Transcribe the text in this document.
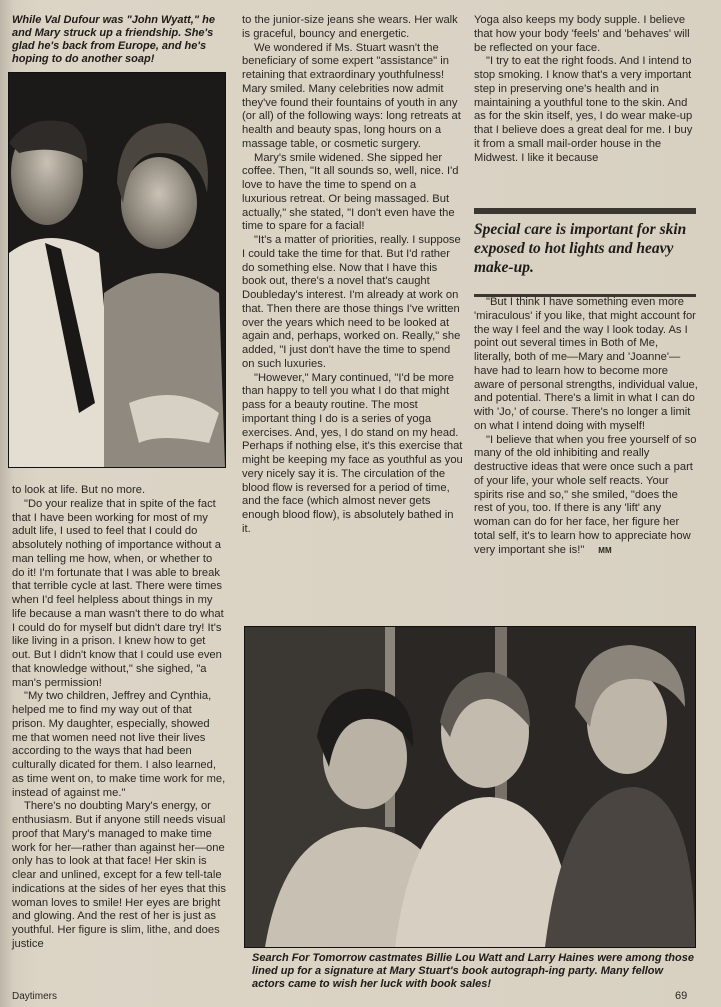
While Val Dufour was "John Wyatt," he and Mary struck up a friendship. She's glad he's back from Europe, and he's hoping to do another soap!

to look at life. But no more.

"Do your realize that in spite of the fact that I have been working for most of my adult life, I used to feel that I could do absolutely nothing of importance without a man telling me how, when, or whether to do it! I'm fortunate that I was able to break that terrible cycle at last. There were times when I'd feel helpless about things in my life because a man wasn't there to do what I could do for myself but didn't dare try! It's like living in a prison. I knew how to get out. But I didn't know that I could use even that knowledge without," she sighed, "a man's permission!

"My two children, Jeffrey and Cynthia, helped me to find my way out of that prison. My daughter, especially, showed me that women need not live their lives according to the ways that had been culturally dicated for them. I also learned, as time went on, to make time work for me, instead of against me."

There's no doubting Mary's energy, or enthusiasm. But if anyone still needs visual proof that Mary's managed to make time work for her—rather than against her—one only has to look at that face! Her skin is clear and unlined, except for a few tell-tale indications at the sides of her eyes that this woman loves to smile! Her eyes are bright and glowing. And the rest of her is just as youthful. Her figure is slim, lithe, and does justice

to the junior-size jeans she wears. Her walk is graceful, bouncy and energetic.

We wondered if Ms. Stuart wasn't the beneficiary of some expert "assistance" in retaining that extraordinary youthfulness! Mary smiled. Many celebrities now admit they've found their fountains of youth in any (or all) of the following ways: long retreats at health and beauty spas, long hours on a massage table, or cosmetic surgery.

Mary's smile widened. She sipped her coffee. Then, "It all sounds so, well, nice. I'd love to have the time to spend on a luxurious retreat. Or being massaged. But actually," she stated, "I don't even have the time to spare for a facial!

"It's a matter of priorities, really. I suppose I could take the time for that. But I'd rather do something else. Now that I have this book out, there's a novel that's caught Doubleday's interest. I'm already at work on that. Then there are those things I've written over the years which need to be looked at again and, perhaps, worked on. Really," she added, "I just don't have the time to spend on such luxuries.

"However," Mary continued, "I'd be more than happy to tell you what I do that might pass for a beauty routine. The most important thing I do is a series of yoga exercises. And, yes, I do stand on my head. Perhaps if nothing else, it's this exercise that might be keeping my face as youthful as you very nicely say it is. The circulation of the blood flow is reversed for a period of time, and the face (which almost never gets enough blood flow), is absolutely bathed in it.

Yoga also keeps my body supple. I believe that how your body 'feels' and 'behaves' will be reflected on your face.

"I try to eat the right foods. And I intend to stop smoking. I know that's a very important step in preserving one's health and in maintaining a youthful tone to the skin. And as for the skin itself, yes, I do wear make-up that I believe does a great deal for me. I buy it from a small mail-order house in the Midwest. I like it because

Special care is important for skin exposed to hot lights and heavy make-up.

"But I think I have something even more 'miraculous' if you like, that might account for the way I feel and the way I look today. As I point out several times in Both of Me, literally, both of me—Mary and 'Joanne'—have had to learn how to become more aware of personal strengths, individual value, and potential. There's a limit in what I can do with 'Jo,' of course. There's no longer a limit on what I intend doing with myself!

"I believe that when you free yourself of so many of the old inhibiting and really destructive ideas that were once such a part of your life, your whole self reacts. Your spirits rise and so," she smiled, "does the rest of you, too. If there is any 'lift' any woman can do for her face, her figure her total self, it's to learn how to appreciate how very important she is!" MM

Search For Tomorrow castmates Billie Lou Watt and Larry Haines were among those lined up for a signature at Mary Stuart's book autograph-ing party. Many fellow actors came to wish her luck with book sales!
Daytimers	69
